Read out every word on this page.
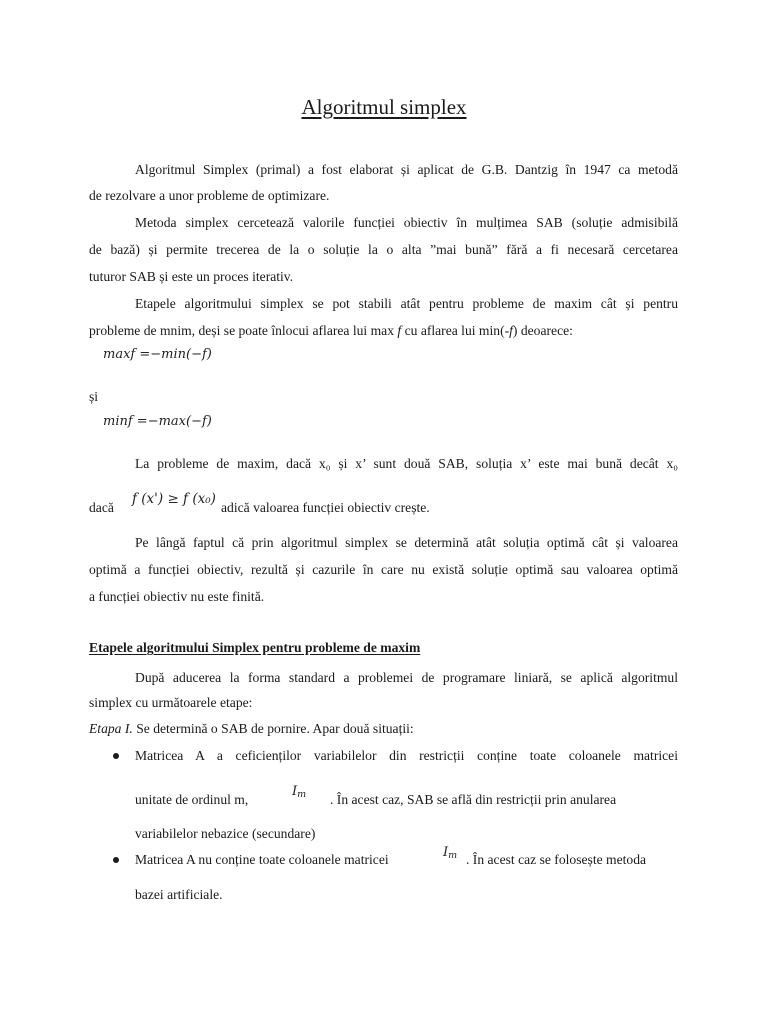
Algoritmul simplex
Algoritmul Simplex (primal) a fost elaborat și aplicat de G.B. Dantzig în 1947 ca metodă
de rezolvare a unor probleme de optimizare.
Metoda simplex cercetează valorile funcției obiectiv în mulțimea SAB (soluție admisibilă
de bază) și permite trecerea de la o soluție la o alta ”mai bună” fără a fi necesară cercetarea
tuturor SAB și este un proces iterativ.
Etapele algoritmului simplex se pot stabili atât pentru probleme de maxim cât și pentru
probleme de mnim, deși se poate înlocui aflarea lui max f cu aflarea lui min(-f) deoarece:
maxf =−min(−f)
și
minf =−max(−f)
La probleme de maxim, dacă x₀ și x’ sunt două SAB, soluția x’ este mai bună decât x₀
dacă
f (x') ≥ f (x₀)
adică valoarea funcției obiectiv crește.
Pe lângă faptul că prin algoritmul simplex se determină atât soluția optimă cât și valoarea
optimă a funcției obiectiv, rezultă și cazurile în care nu există soluție optimă sau valoarea optimă
a funcției obiectiv nu este finită.
Etapele algoritmului Simplex pentru probleme de maxim
După aducerea la forma standard a problemei de programare liniară, se aplică algoritmul
simplex cu următoarele etape:
Etapa I. Se determină o SAB de pornire. Apar două situații:
Matricea A a ceficienților variabilelor din restricții conține toate coloanele matricei
unitate de ordinul m,
$I_m$ . În acest caz, SAB se află din restricții prin anularea
variabilelor nebazice (secundare)
Matricea A nu conține toate coloanele matricei	$I_m$ . În acest caz se folosește metoda
bazei artificiale.
